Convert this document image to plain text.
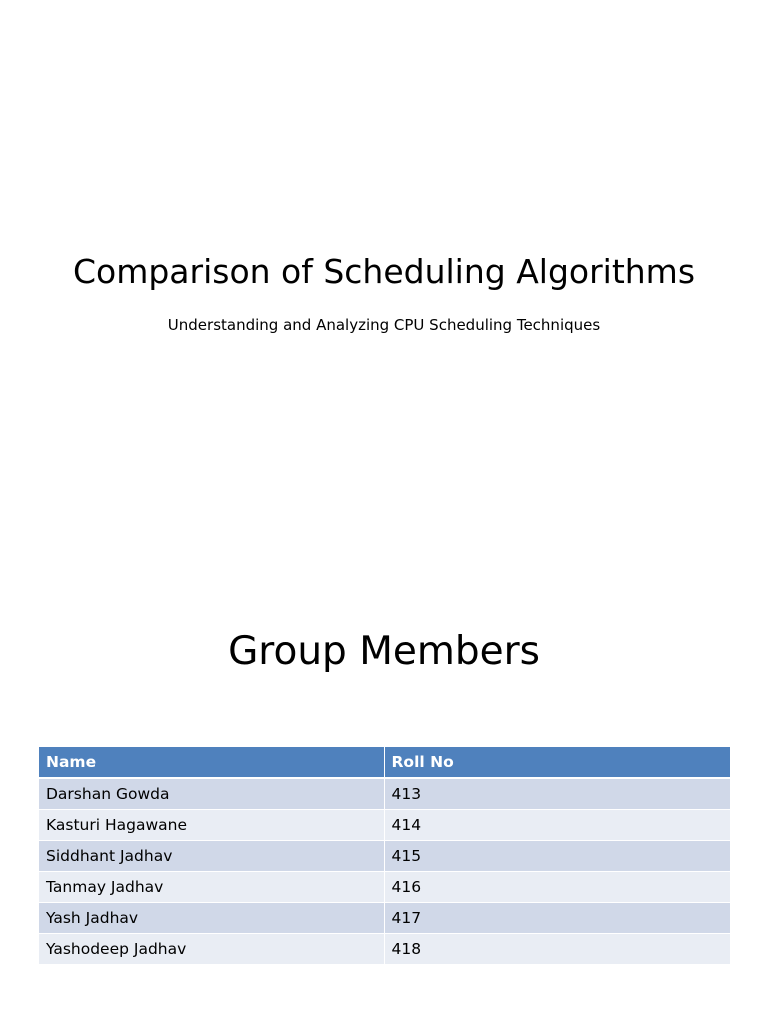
Comparison of Scheduling Algorithms

Understanding and Analyzing CPU Scheduling Techniques

Group Members
Name	Roll No
Darshan Gowda	413
Kasturi Hagawane	414
Siddhant Jadhav	415
Tanmay Jadhav	416
Yash Jadhav	417
Yashodeep Jadhav	418
